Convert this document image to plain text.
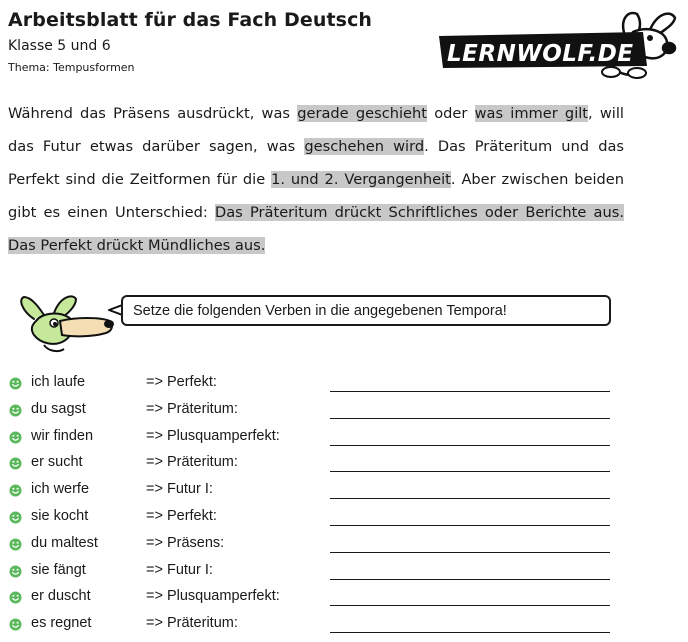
Arbeitsblatt für das Fach Deutsch
Klasse 5 und 6
Thema: Tempusformen
LERNWOLF.DE
Während das Präsens ausdrückt, was gerade geschieht oder was immer gilt, will das Futur etwas darüber sagen, was geschehen wird. Das Präteritum und das Perfekt sind die Zeitformen für die 1. und 2. Vergangenheit. Aber zwischen beiden gibt es einen Unterschied: Das Präteritum drückt Schriftliches oder Berichte aus. Das Perfekt drückt Mündliches aus.
Setze die folgenden Verben in die angegebenen Tempora!
ich laufe	=> Perfekt:
du sagst	=> Präteritum:
wir finden	=> Plusquamperfekt:
er sucht	=> Präteritum:
ich werfe	=> Futur I:
sie kocht	=> Perfekt:
du maltest	=> Präsens:
sie fängt	=> Futur I:
er duscht	=> Plusquamperfekt:
es regnet	=> Präteritum:
